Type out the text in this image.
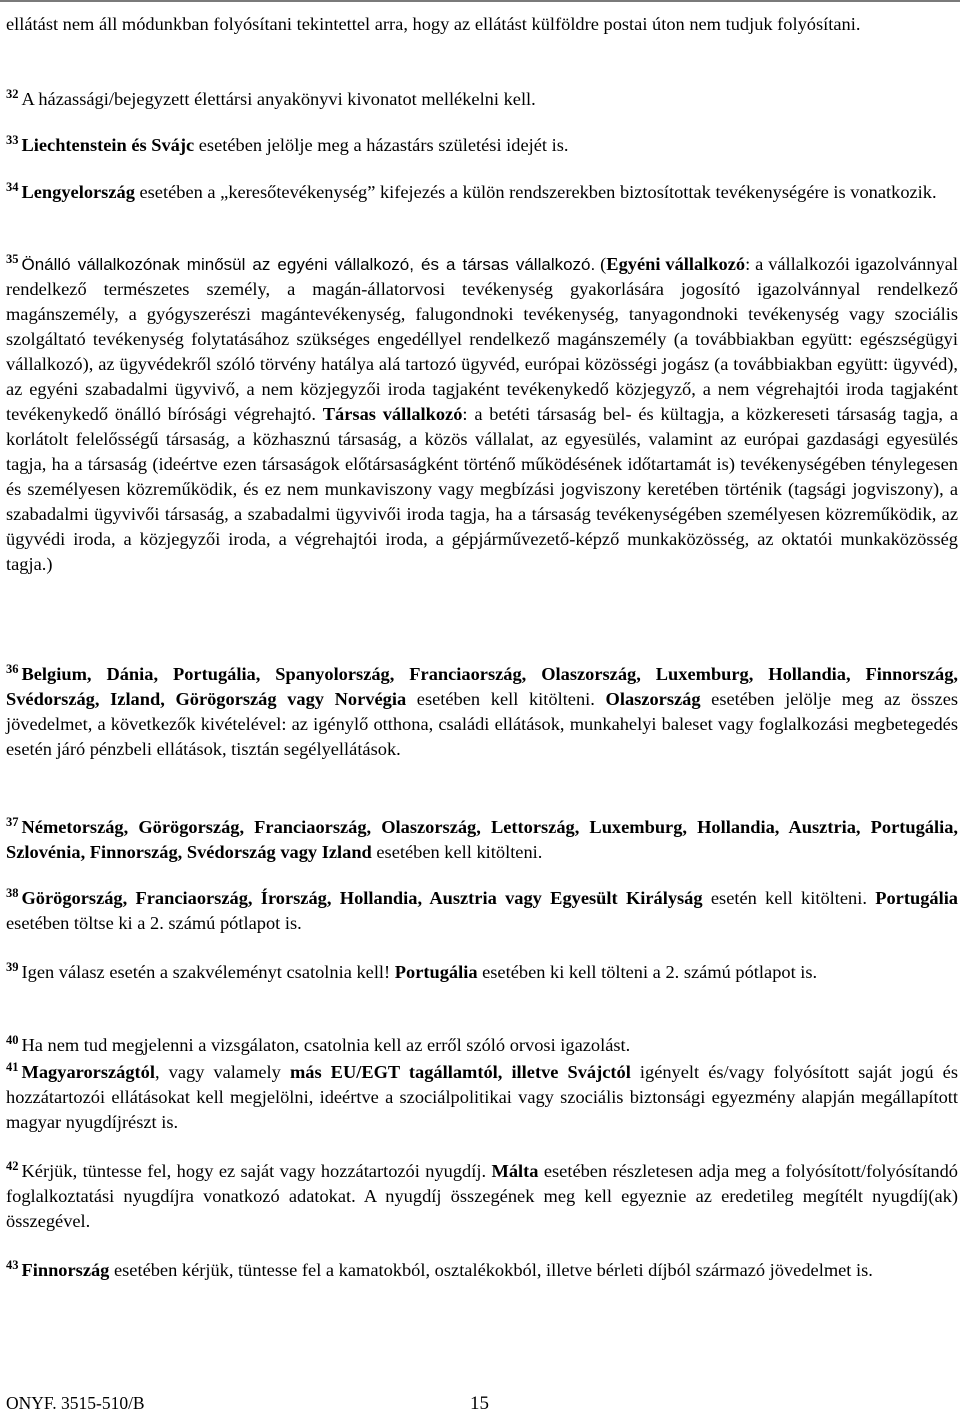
ellátást nem áll módunkban folyósítani tekintettel arra, hogy az ellátást külföldre postai úton nem tudjuk folyósítani.

$^{32}$ A házassági/bejegyzett élettársi anyakönyvi kivonatot mellékelni kell.

$^{33}$ Liechtenstein és Svájc esetében jelölje meg a házastárs születési idejét is.

$^{34}$ Lengyelország esetében a „keresőtevékenység” kifejezés a külön rendszerekben biztosítottak tevékenységére is vonatkozik.

$^{35}$ Önálló vállalkozónak minősül az egyéni vállalkozó, és a társas vállalkozó. (Egyéni vállalkozó: a vállalkozói igazolvánnyal rendelkező természetes személy, a magán-állatorvosi tevékenység gyakorlására jogosító igazolvánnyal rendelkező magánszemély, a gyógyszerészi magántevékenység, falugondnoki tevékenység, tanyagondnoki tevékenység vagy szociális szolgáltató tevékenység folytatásához szükséges engedéllyel rendelkező magánszemély (a továbbiakban együtt: egészségügyi vállalkozó), az ügyvédekről szóló törvény hatálya alá tartozó ügyvéd, európai közösségi jogász (a továbbiakban együtt: ügyvéd), az egyéni szabadalmi ügyvivő, a nem közjegyzői iroda tagjaként tevékenykedő közjegyző, a nem végrehajtói iroda tagjaként tevékenykedő önálló bírósági végrehajtó. Társas vállalkozó: a betéti társaság bel- és kültagja, a közkereseti társaság tagja, a korlátolt felelősségű társaság, a közhasznú társaság, a közös vállalat, az egyesülés, valamint az európai gazdasági egyesülés tagja, ha a társaság (ideértve ezen társaságok előtársaságként történő működésének időtartamát is) tevékenységében ténylegesen és személyesen közreműködik, és ez nem munkaviszony vagy megbízási jogviszony keretében történik (tagsági jogviszony), a szabadalmi ügyvivői társaság, a szabadalmi ügyvivői iroda tagja, ha a társaság tevékenységében személyesen közreműködik, az ügyvédi iroda, a közjegyzői iroda, a végrehajtói iroda, a gépjárművezető-képző munkaközösség, az oktatói munkaközösség tagja.)

$^{36}$ Belgium, Dánia, Portugália, Spanyolország, Franciaország, Olaszország, Luxemburg, Hollandia, Finnország, Svédország, Izland, Görögország vagy Norvégia esetében kell kitölteni. Olaszország esetében jelölje meg az összes jövedelmet, a következők kivételével: az igénylő otthona, családi ellátások, munkahelyi baleset vagy foglalkozási megbetegedés esetén járó pénzbeli ellátások, tisztán segélyellátások.

$^{37}$ Németország, Görögország, Franciaország, Olaszország, Lettország, Luxemburg, Hollandia, Ausztria, Portugália, Szlovénia, Finnország, Svédország vagy Izland esetében kell kitölteni.

$^{38}$ Görögország, Franciaország, Írország, Hollandia, Ausztria vagy Egyesült Királyság esetén kell kitölteni. Portugália esetében töltse ki a 2. számú pótlapot is.

$^{39}$ Igen válasz esetén a szakvéleményt csatolnia kell! Portugália esetében ki kell tölteni a 2. számú pótlapot is.

$^{40}$ Ha nem tud megjelenni a vizsgálaton, csatolnia kell az erről szóló orvosi igazolást.

$^{41}$ Magyarországtól, vagy valamely más EU/EGT tagállamtól, illetve Svájctól igényelt és/vagy folyósított saját jogú és hozzátartozói ellátásokat kell megjelölni, ideértve a szociálpolitikai vagy szociális biztonsági egyezmény alapján megállapított magyar nyugdíjrészt is.

$^{42}$ Kérjük, tüntesse fel, hogy ez saját vagy hozzátartozói nyugdíj. Málta esetében részletesen adja meg a folyósított/folyósítandó foglalkoztatási nyugdíjra vonatkozó adatokat. A nyugdíj összegének meg kell egyeznie az eredetileg megítélt nyugdíj(ak) összegével.

$^{43}$ Finnország esetében kérjük, tüntesse fel a kamatokból, osztalékokból, illetve bérleti díjból származó jövedelmet is.

ONYF. 3515-510/B	15
